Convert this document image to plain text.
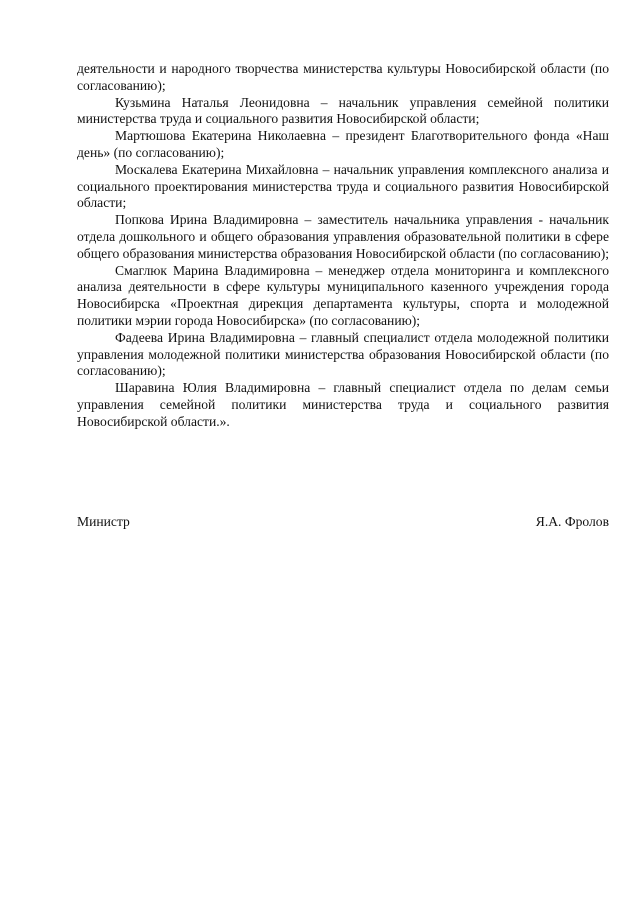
деятельности и народного творчества министерства культуры Новосибирской области (по согласованию);

Кузьмина Наталья Леонидовна – начальник управления семейной политики министерства труда и социального развития Новосибирской области;

Мартюшова Екатерина Николаевна – президент Благотворительного фонда «Наш день» (по согласованию);

Москалева Екатерина Михайловна – начальник управления комплексного анализа и социального проектирования министерства труда и социального развития Новосибирской области;

Попкова Ирина Владимировна – заместитель начальника управления - начальник отдела дошкольного и общего образования управления образовательной политики в сфере общего образования министерства образования Новосибирской области (по согласованию);

Смаглюк Марина Владимировна – менеджер отдела мониторинга и комплексного анализа деятельности в сфере культуры муниципального казенного учреждения города Новосибирска «Проектная дирекция департамента культуры, спорта и молодежной политики мэрии города Новосибирска» (по согласованию);

Фадеева Ирина Владимировна – главный специалист отдела молодежной политики управления молодежной политики министерства образования Новосибирской области (по согласованию);

Шаравина Юлия Владимировна – главный специалист отдела по делам семьи управления семейной политики министерства труда и социального развития Новосибирской области.».

Министр	Я.А. Фролов
